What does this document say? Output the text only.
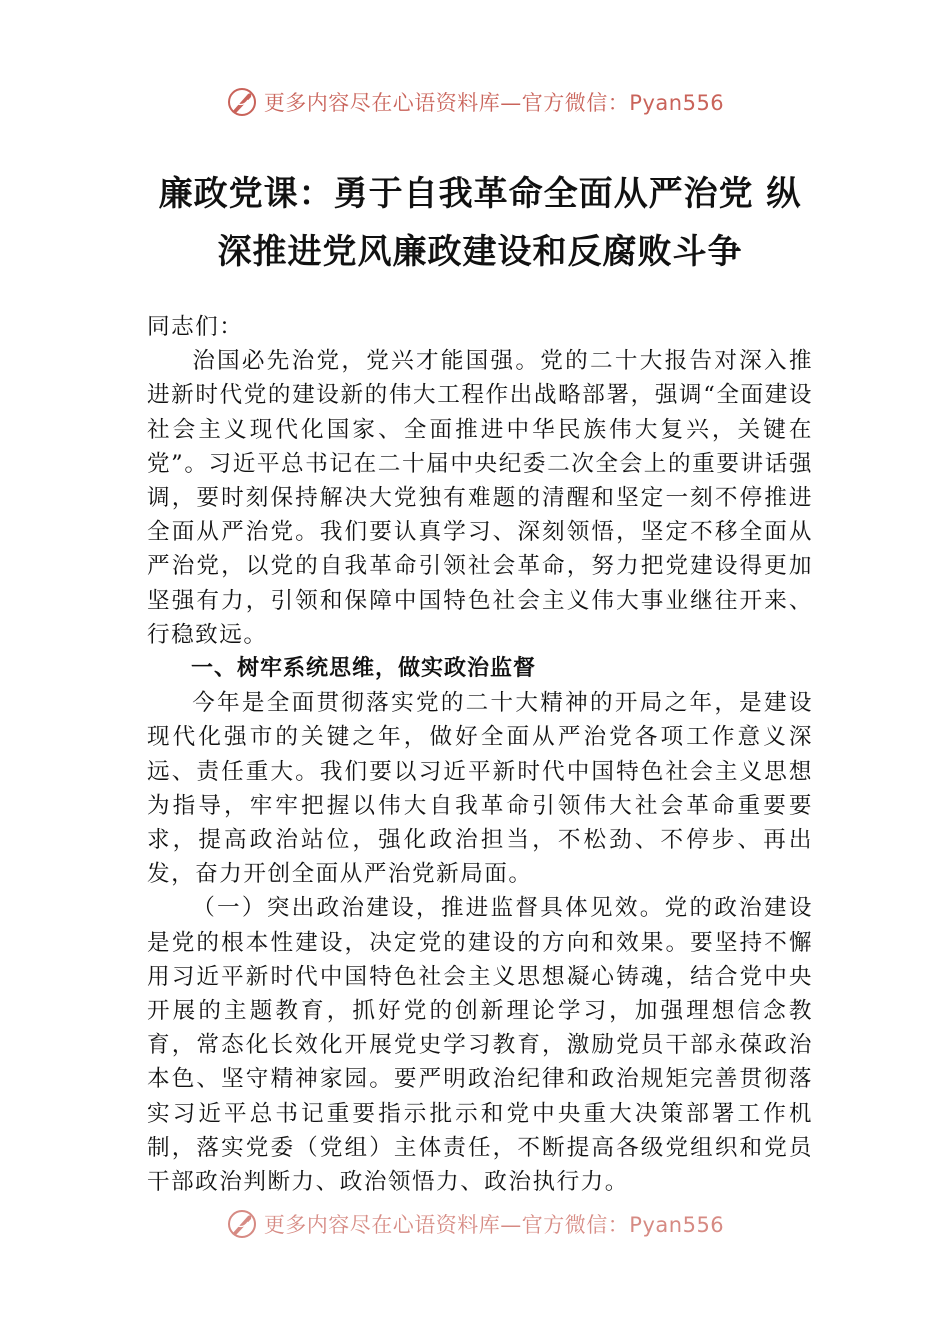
更多内容尽在心语资料库—官方微信：Pyan556
廉政党课：勇于自我革命全面从严治党 纵
深推进党风廉政建设和反腐败斗争

同志们：

治国必先治党，党兴才能国强。党的二十大报告对深入推进新时代党的建设新的伟大工程作出战略部署，强调“全面建设社会主义现代化国家、全面推进中华民族伟大复兴，关键在党”。习近平总书记在二十届中央纪委二次全会上的重要讲话强调，要时刻保持解决大党独有难题的清醒和坚定一刻不停推进全面从严治党。我们要认真学习、深刻领悟，坚定不移全面从严治党，以党的自我革命引领社会革命，努力把党建设得更加坚强有力，引领和保障中国特色社会主义伟大事业继往开来、行稳致远。

一、树牢系统思维，做实政治监督

今年是全面贯彻落实党的二十大精神的开局之年，是建设现代化强市的关键之年，做好全面从严治党各项工作意义深远、责任重大。我们要以习近平新时代中国特色社会主义思想为指导，牢牢把握以伟大自我革命引领伟大社会革命重要要求，提高政治站位，强化政治担当，不松劲、不停步、再出发，奋力开创全面从严治党新局面。

（一）突出政治建设，推进监督具体见效。党的政治建设是党的根本性建设，决定党的建设的方向和效果。要坚持不懈用习近平新时代中国特色社会主义思想凝心铸魂，结合党中央开展的主题教育，抓好党的创新理论学习，加强理想信念教育，常态化长效化开展党史学习教育，激励党员干部永葆政治本色、坚守精神家园。要严明政治纪律和政治规矩完善贯彻落实习近平总书记重要指示批示和党中央重大决策部署工作机制，落实党委（党组）主体责任，不断提高各级党组织和党员干部政治判断力、政治领悟力、政治执行力。

更多内容尽在心语资料库—官方微信：Pyan556
